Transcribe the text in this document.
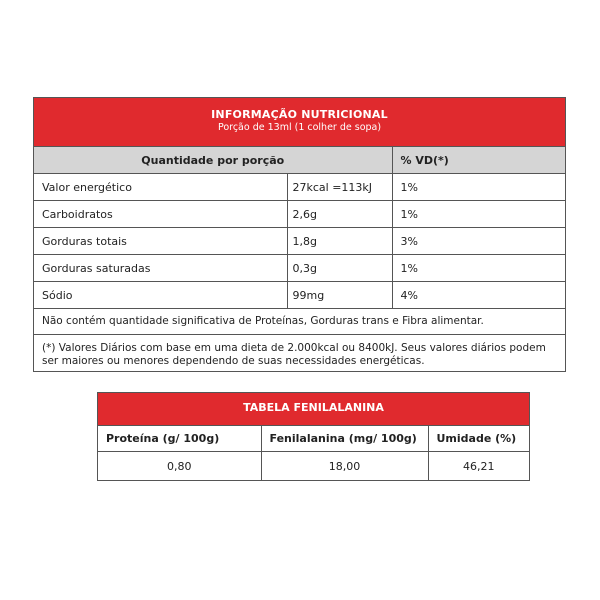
INFORMAÇÃO NUTRICIONAL
Porção de 13ml (1 colher de sopa)
Quantidade por porção		% VD(*)
Valor energético	27kcal =113kJ	1%
Carboidratos	2,6g	1%
Gorduras totais	1,8g	3%
Gorduras saturadas	0,3g	1%
Sódio	99mg	4%
Não contém quantidade significativa de Proteínas, Gorduras trans e Fibra alimentar.
(*) Valores Diários com base em uma dieta de 2.000kcal ou 8400kJ. Seus valores diários podem ser maiores ou menores dependendo de suas necessidades energéticas.
TABELA FENILALANINA
Proteína (g/ 100g)	Fenilalanina (mg/ 100g)	Umidade (%)
0,80	18,00	46,21
